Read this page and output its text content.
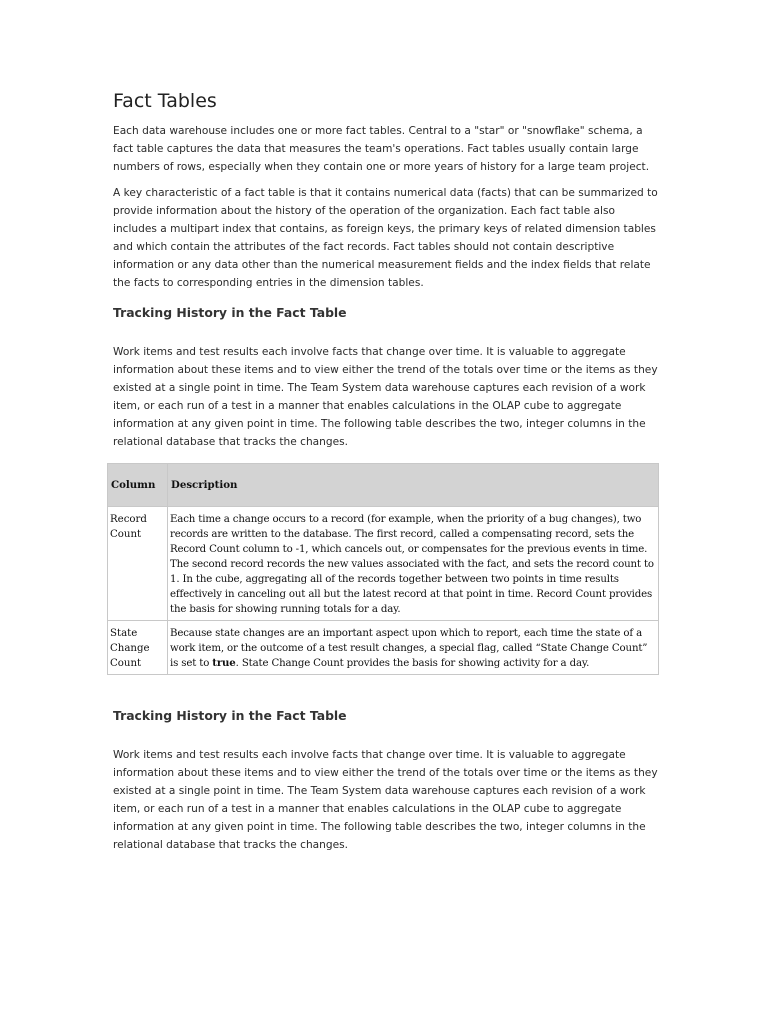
Fact Tables

Each data warehouse includes one or more fact tables. Central to a "star" or "snowflake" schema, a fact table captures the data that measures the team's operations. Fact tables usually contain large numbers of rows, especially when they contain one or more years of history for a large team project.

A key characteristic of a fact table is that it contains numerical data (facts) that can be summarized to provide information about the history of the operation of the organization. Each fact table also includes a multipart index that contains, as foreign keys, the primary keys of related dimension tables and which contain the attributes of the fact records. Fact tables should not contain descriptive information or any data other than the numerical measurement fields and the index fields that relate the facts to corresponding entries in the dimension tables.

Tracking History in the Fact Table

Work items and test results each involve facts that change over time. It is valuable to aggregate information about these items and to view either the trend of the totals over time or the items as they existed at a single point in time. The Team System data warehouse captures each revision of a work item, or each run of a test in a manner that enables calculations in the OLAP cube to aggregate information at any given point in time. The following table describes the two, integer columns in the relational database that tracks the changes.

Column	Description
Record Count	Each time a change occurs to a record (for example, when the priority of a bug changes), two records are written to the database. The first record, called a compensating record, sets the Record Count column to -1, which cancels out, or compensates for the previous events in time. The second record records the new values associated with the fact, and sets the record count to 1. In the cube, aggregating all of the records together between two points in time results effectively in canceling out all but the latest record at that point in time. Record Count provides the basis for showing running totals for a day.
State Change Count	Because state changes are an important aspect upon which to report, each time the state of a work item, or the outcome of a test result changes, a special flag, called “State Change Count” is set to true. State Change Count provides the basis for showing activity for a day.
Tracking History in the Fact Table

Work items and test results each involve facts that change over time. It is valuable to aggregate information about these items and to view either the trend of the totals over time or the items as they existed at a single point in time. The Team System data warehouse captures each revision of a work item, or each run of a test in a manner that enables calculations in the OLAP cube to aggregate information at any given point in time. The following table describes the two, integer columns in the relational database that tracks the changes.
